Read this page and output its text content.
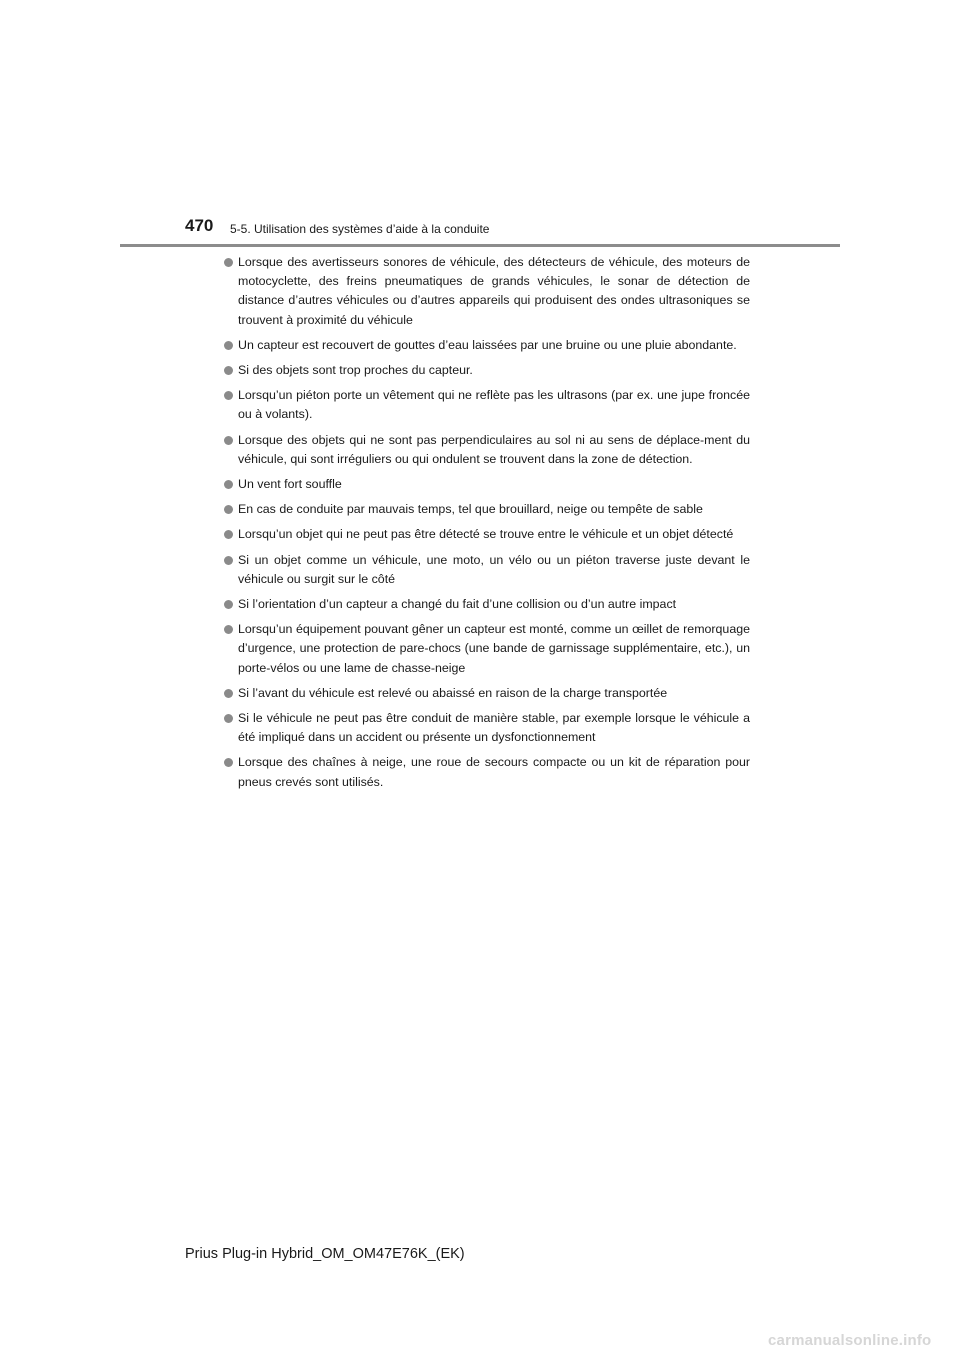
470 5-5. Utilisation des systèmes d’aide à la conduite
Lorsque des avertisseurs sonores de véhicule, des détecteurs de véhicule, des moteurs de motocyclette, des freins pneumatiques de grands véhicules, le sonar de détection de distance d’autres véhicules ou d’autres appareils qui produisent des ondes ultrasoniques se trouvent à proximité du véhicule
Un capteur est recouvert de gouttes d’eau laissées par une bruine ou une pluie abondante.
Si des objets sont trop proches du capteur.
Lorsqu’un piéton porte un vêtement qui ne reflète pas les ultrasons (par ex. une jupe froncée ou à volants).
Lorsque des objets qui ne sont pas perpendiculaires au sol ni au sens de déplace-ment du véhicule, qui sont irréguliers ou qui ondulent se trouvent dans la zone de détection.
Un vent fort souffle
En cas de conduite par mauvais temps, tel que brouillard, neige ou tempête de sable
Lorsqu’un objet qui ne peut pas être détecté se trouve entre le véhicule et un objet détecté
Si un objet comme un véhicule, une moto, un vélo ou un piéton traverse juste devant le véhicule ou surgit sur le côté
Si l’orientation d’un capteur a changé du fait d’une collision ou d’un autre impact
Lorsqu’un équipement pouvant gêner un capteur est monté, comme un œillet de remorquage d’urgence, une protection de pare-chocs (une bande de garnissage supplémentaire, etc.), un porte-vélos ou une lame de chasse-neige
Si l’avant du véhicule est relevé ou abaissé en raison de la charge transportée
Si le véhicule ne peut pas être conduit de manière stable, par exemple lorsque le véhicule a été impliqué dans un accident ou présente un dysfonctionnement
Lorsque des chaînes à neige, une roue de secours compacte ou un kit de réparation pour pneus crevés sont utilisés.
Prius Plug-in Hybrid_OM_OM47E76K_(EK)
carmanualsonline.info
